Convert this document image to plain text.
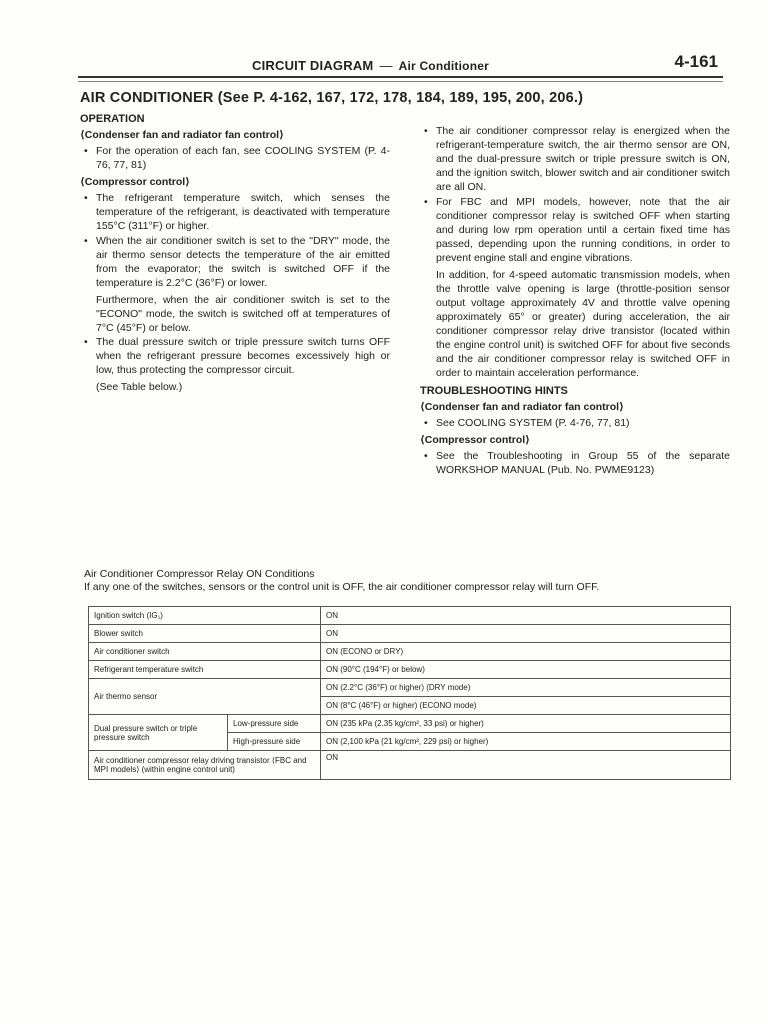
CIRCUIT DIAGRAM — Air Conditioner	4-161
AIR CONDITIONER (See P. 4-162, 167, 172, 178, 184, 189, 195, 200, 206.)
OPERATION
⟨Condenser fan and radiator fan control⟩
• For the operation of each fan, see COOLING SYSTEM (P. 4-76, 77, 81)
⟨Compressor control⟩
• The refrigerant temperature switch, which senses the temperature of the refrigerant, is deactivated with temperature 155°C (311°F) or higher.
• When the air conditioner switch is set to the "DRY" mode, the air thermo sensor detects the temperature of the air emitted from the evaporator; the switch is switched OFF if the temperature is 2.2°C (36°F) or lower.
Furthermore, when the air conditioner switch is set to the "ECONO" mode, the switch is switched off at temperatures of 7°C (45°F) or below.
• The dual pressure switch or triple pressure switch turns OFF when the refrigerant pressure becomes excessively high or low, thus protecting the compressor circuit.
(See Table below.)
• The air conditioner compressor relay is energized when the refrigerant-temperature switch, the air thermo sensor are ON, and the dual-pressure switch or triple pressure switch is ON, and the ignition switch, blower switch and air conditioner switch are all ON.
• For FBC and MPI models, however, note that the air conditioner compressor relay is switched OFF when starting and during low rpm operation until a certain fixed time has passed, depending upon the running conditions, in order to prevent engine stall and engine vibrations.
In addition, for 4-speed automatic transmission models, when the throttle valve opening is large (throttle-position sensor output voltage approximately 4V and throttle valve opening approximately 65° or greater) during acceleration, the air conditioner compressor relay drive transistor (located within the engine control unit) is switched OFF for about five seconds and the air conditioner compressor relay is switched OFF in order to maintain acceleration performance.
TROUBLESHOOTING HINTS
⟨Condenser fan and radiator fan control⟩
• See COOLING SYSTEM (P. 4-76, 77, 81)
⟨Compressor control⟩
• See the Troubleshooting in Group 55 of the separate WORKSHOP MANUAL (Pub. No. PWME9123)
Air Conditioner Compressor Relay ON Conditions
If any one of the switches, sensors or the control unit is OFF, the air conditioner compressor relay will turn OFF.
Ignition switch (IG₁)		ON
Blower switch		ON
Air conditioner switch		ON (ECONO or DRY)
Refrigerant temperature switch		ON (90°C (194°F) or below)
Air thermo sensor		ON (2.2°C (36°F) or higher) (DRY mode)
		ON (8°C (46°F) or higher) (ECONO mode)
Dual pressure switch or triple pressure switch	Low-pressure side	ON (235 kPa (2.35 kg/cm², 33 psi) or higher)
	High-pressure side	ON (2,100 kPa (21 kg/cm², 229 psi) or higher)
Air conditioner compressor relay driving transistor ⟨FBC and MPI models⟩ (within engine control unit)		ON
